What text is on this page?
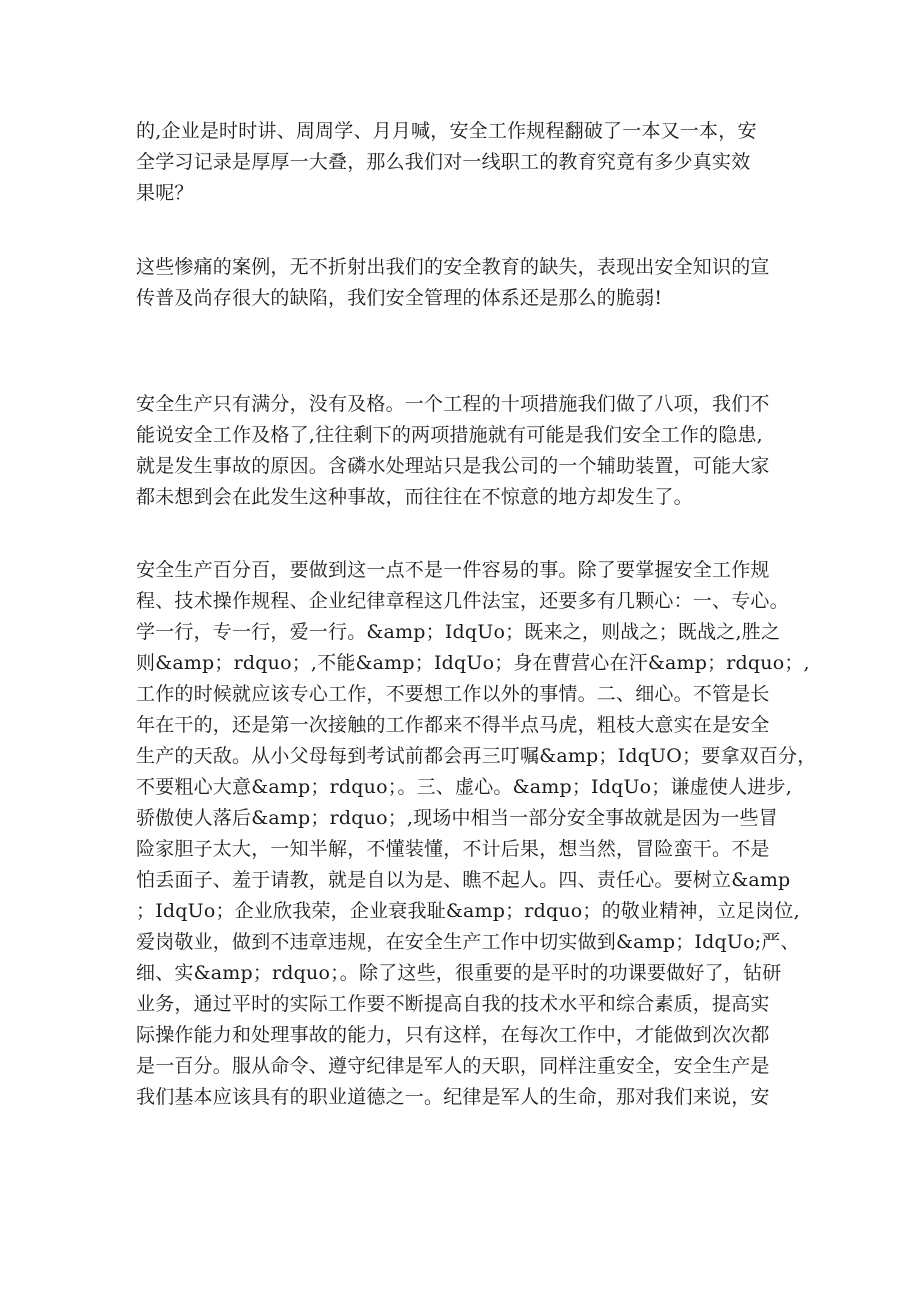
的,企业是时时讲、周周学、月月喊，安全工作规程翻破了一本又一本，安
全学习记录是厚厚一大叠，那么我们对一线职工的教育究竟有多少真实效
果呢？

这些惨痛的案例，无不折射出我们的安全教育的缺失，表现出安全知识的宣
传普及尚存很大的缺陷，我们安全管理的体系还是那么的脆弱!

安全生产只有满分，没有及格。一个工程的十项措施我们做了八项，我们不
能说安全工作及格了,往往剩下的两项措施就有可能是我们安全工作的隐患,
就是发生事故的原因。含磷水处理站只是我公司的一个辅助装置，可能大家
都未想到会在此发生这种事故，而往往在不惊意的地方却发生了。

安全生产百分百，要做到这一点不是一件容易的事。除了要掌握安全工作规
程、技术操作规程、企业纪律章程这几件法宝，还要多有几颗心：一、专心。
学一行，专一行，爱一行。&amp；IdqUo；既来之，则战之；既战之,胜之
则&amp；rdquo；,不能&amp；IdqUo；身在曹营心在汗&amp；rdquo；,
工作的时候就应该专心工作，不要想工作以外的事情。二、细心。不管是长
年在干的，还是第一次接触的工作都来不得半点马虎，粗枝大意实在是安全
生产的天敌。从小父母每到考试前都会再三叮嘱&amp；IdqUO；要拿双百分，
不要粗心大意&amp；rdquo；。三、虚心。&amp；IdqUo；谦虚使人进步,
骄傲使人落后&amp；rdquo；,现场中相当一部分安全事故就是因为一些冒
险家胆子太大，一知半解，不懂装懂，不计后果，想当然，冒险蛮干。不是
怕丢面子、羞于请教，就是自以为是、瞧不起人。四、责任心。要树立&amp
；IdqUo；企业欣我荣，企业衰我耻&amp；rdquo；的敬业精神，立足岗位,
爱岗敬业，做到不违章违规，在安全生产工作中切实做到&amp；IdqUo;严、
细、实&amp；rdquo；。除了这些，很重要的是平时的功课要做好了，钻研
业务，通过平时的实际工作要不断提高自我的技术水平和综合素质，提高实
际操作能力和处理事故的能力，只有这样，在每次工作中，才能做到次次都
是一百分。服从命令、遵守纪律是军人的天职，同样注重安全，安全生产是
我们基本应该具有的职业道德之一。纪律是军人的生命，那对我们来说，安
